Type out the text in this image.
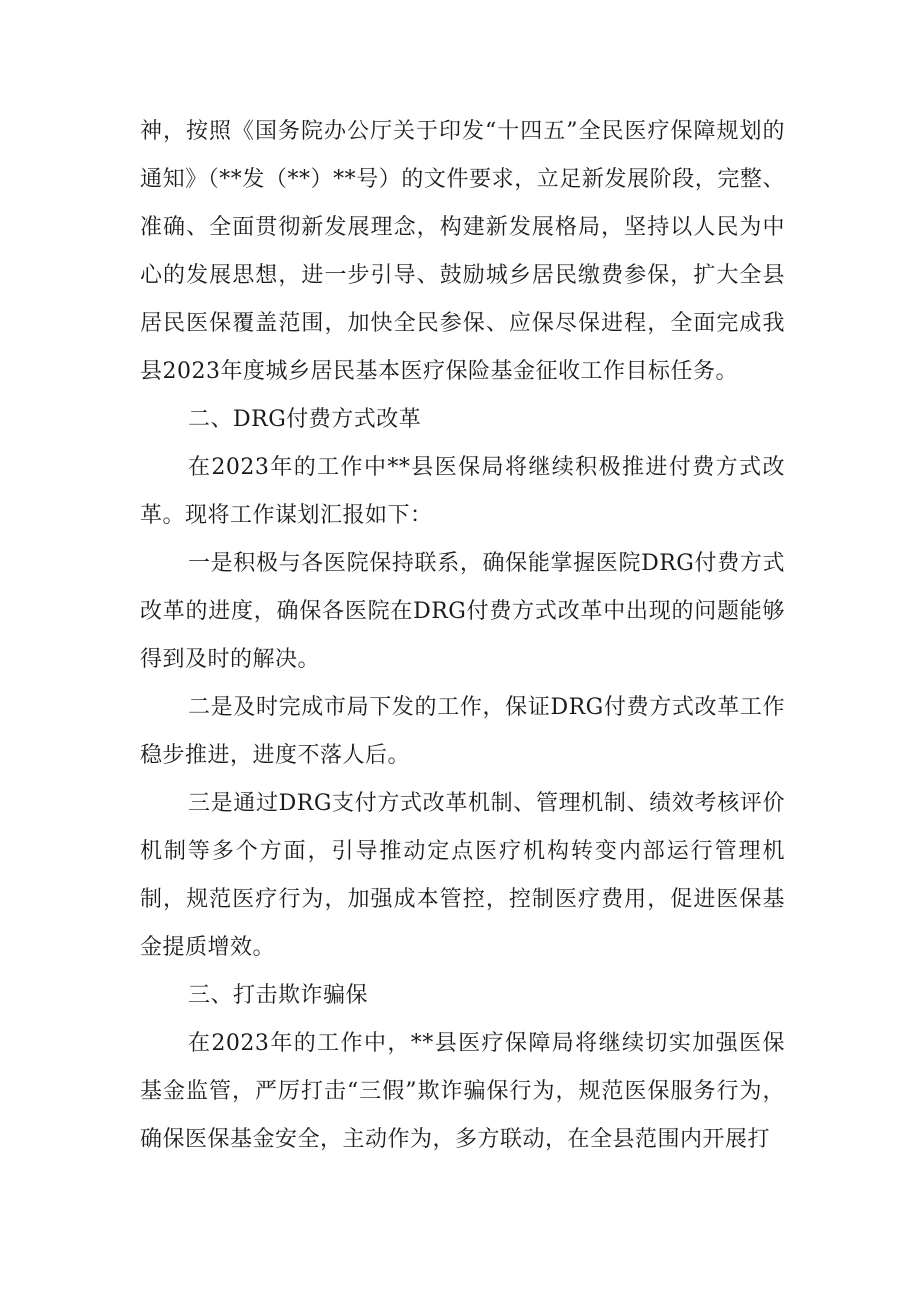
神，按照《国务院办公厅关于印发“十四五”全民医疗保障规划的通知》（**发（**）**号）的文件要求，立足新发展阶段，完整、准确、全面贯彻新发展理念，构建新发展格局，坚持以人民为中心的发展思想，进一步引导、鼓励城乡居民缴费参保，扩大全县居民医保覆盖范围，加快全民参保、应保尽保进程，全面完成我县2023年度城乡居民基本医疗保险基金征收工作目标任务。

二、DRG付费方式改革

在2023年的工作中**县医保局将继续积极推进付费方式改革。现将工作谋划汇报如下：

一是积极与各医院保持联系，确保能掌握医院DRG付费方式改革的进度，确保各医院在DRG付费方式改革中出现的问题能够得到及时的解决。

二是及时完成市局下发的工作，保证DRG付费方式改革工作稳步推进，进度不落人后。

三是通过DRG支付方式改革机制、管理机制、绩效考核评价机制等多个方面，引导推动定点医疗机构转变内部运行管理机制，规范医疗行为，加强成本管控，控制医疗费用，促进医保基金提质增效。

三、打击欺诈骗保

在2023年的工作中，**县医疗保障局将继续切实加强医保基金监管，严厉打击“三假”欺诈骗保行为，规范医保服务行为，确保医保基金安全，主动作为，多方联动，在全县范围内开展打
